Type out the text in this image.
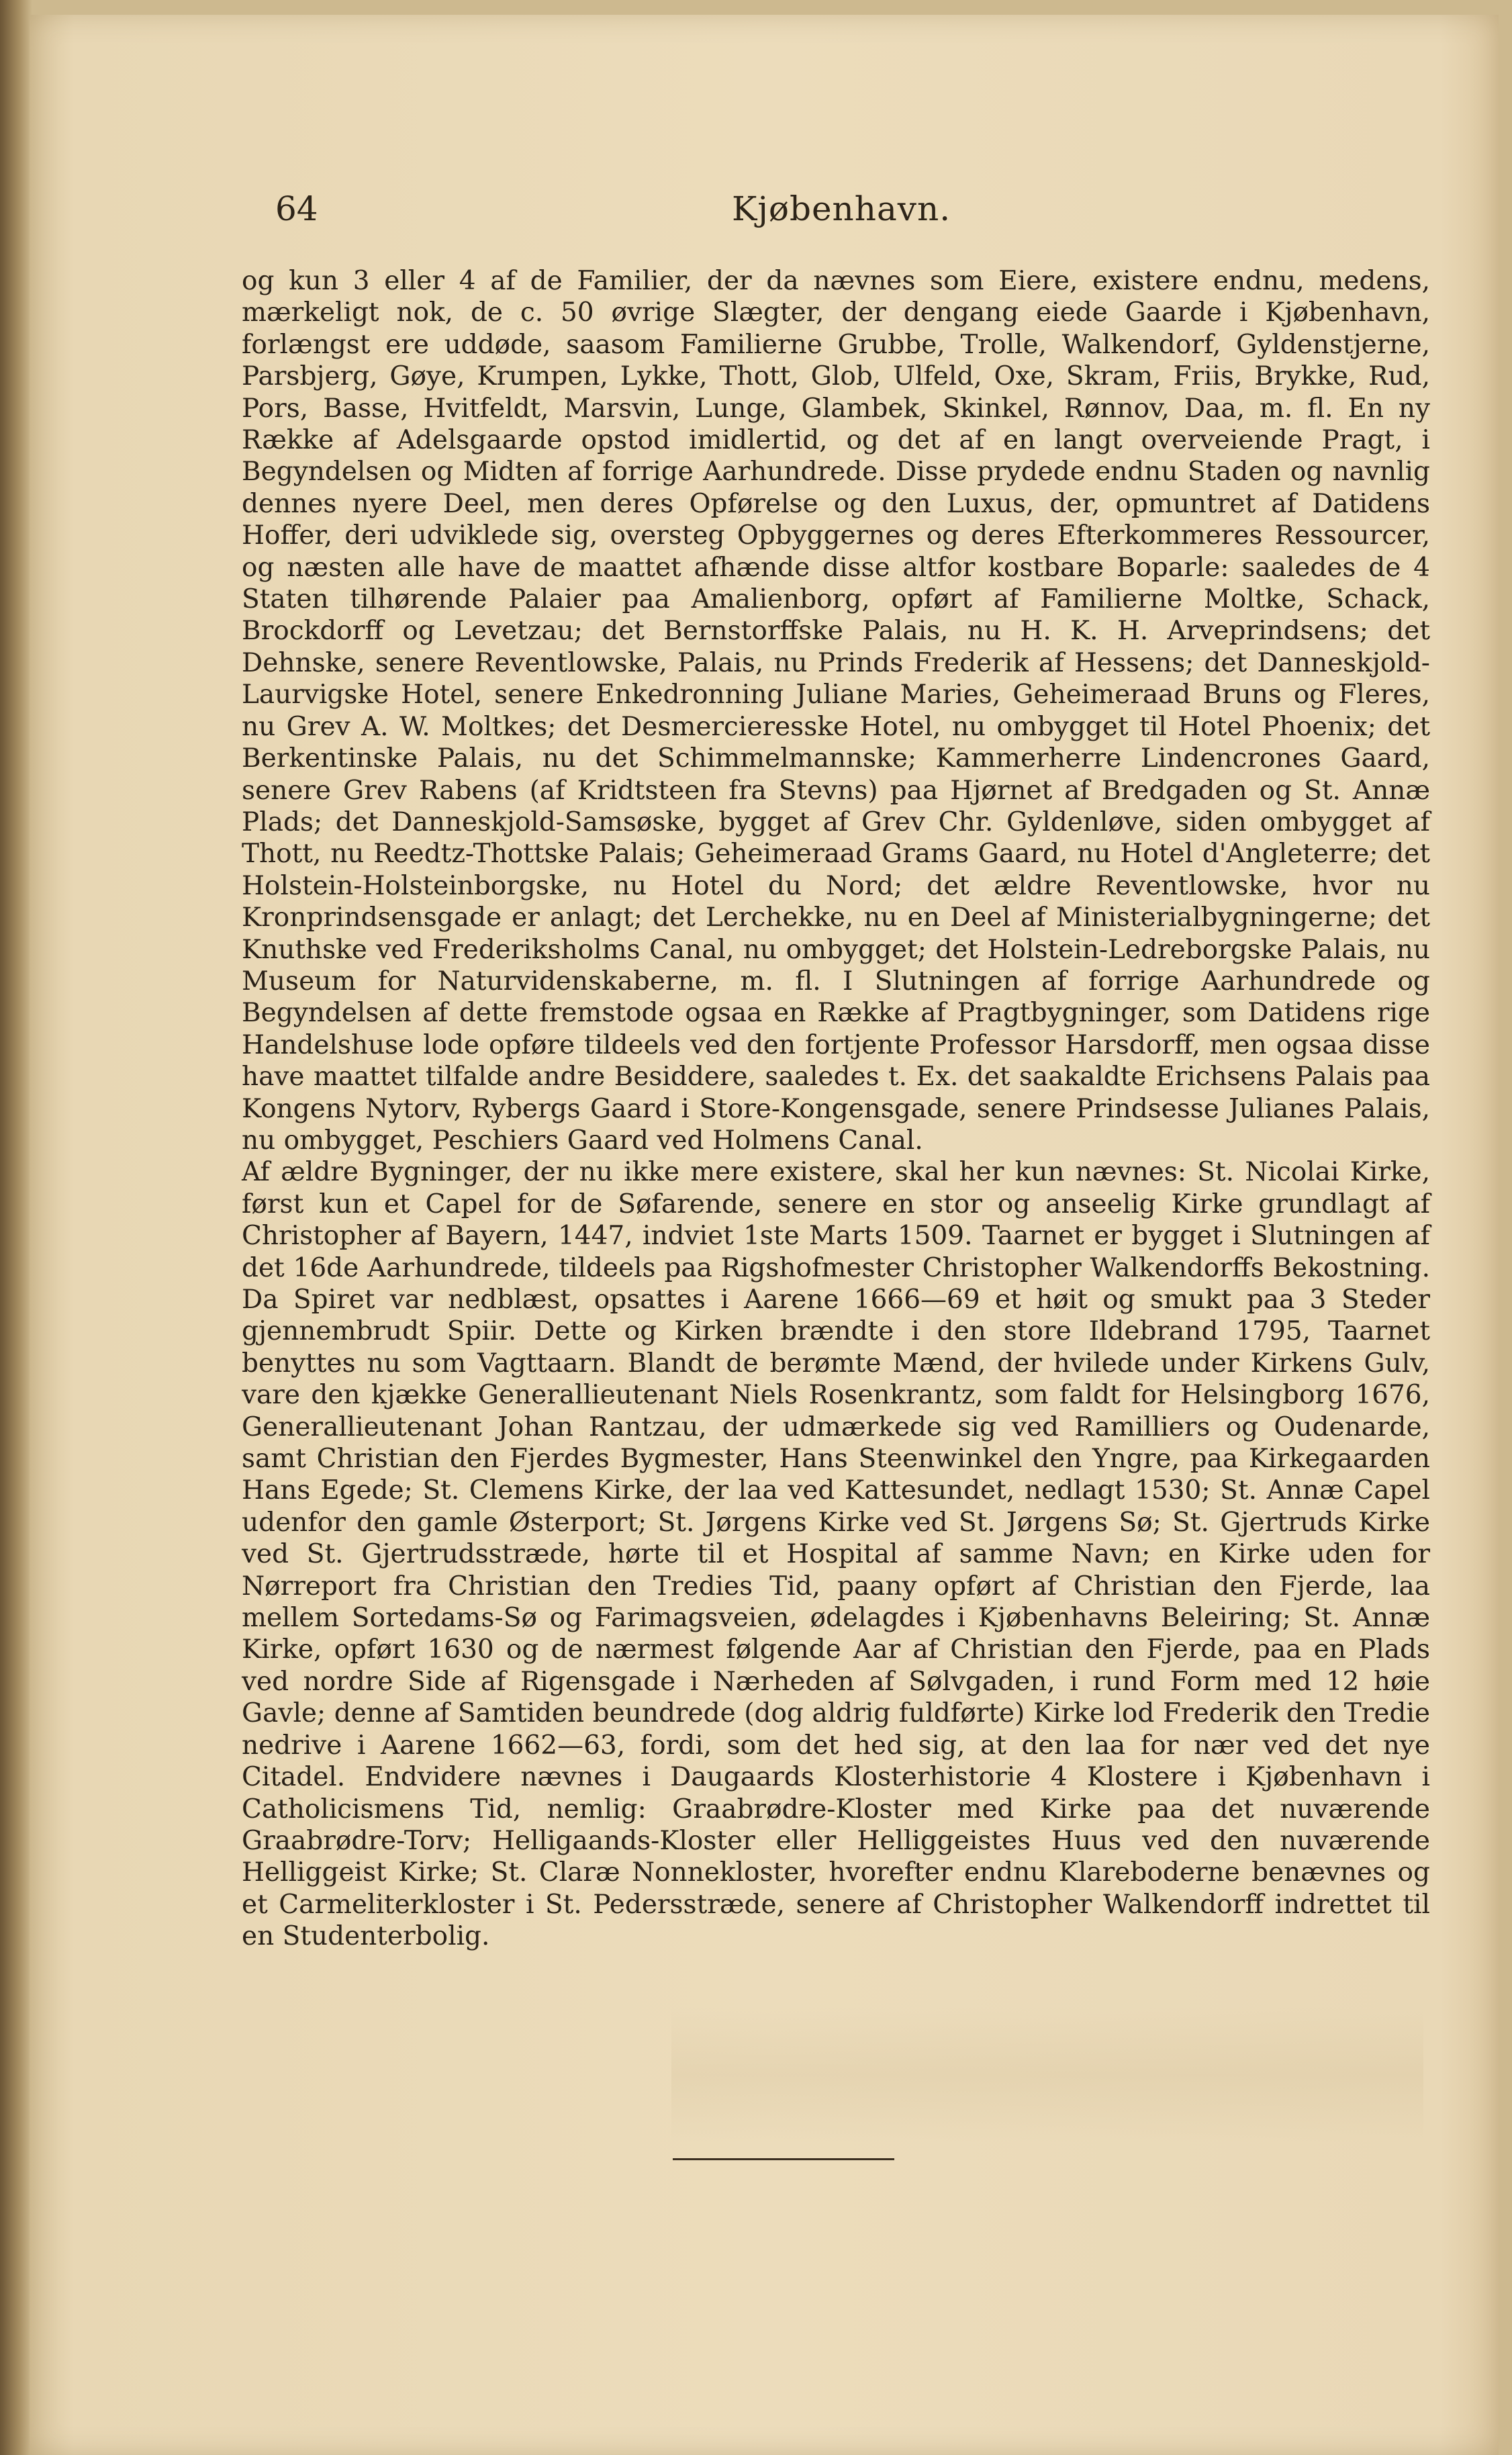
64	Kjøbenhavn.

og kun 3 eller 4 af de Familier, der da nævnes som Eiere, existere endnu, medens, mærkeligt nok, de c. 50 øvrige Slægter, der dengang eiede Gaarde i Kjøbenhavn, forlængst ere uddøde, saasom Familierne Grubbe, Trolle, Walkendorf, Gyldenstjerne, Parsbjerg, Gøye, Krumpen, Lykke, Thott, Glob, Ulfeld, Oxe, Skram, Friis, Brykke, Rud, Pors, Basse, Hvitfeldt, Marsvin, Lunge, Glambek, Skinkel, Rønnov, Daa, m. fl. En ny Række af Adelsgaarde opstod imidlertid, og det af en langt overveiende Pragt, i Begyndelsen og Midten af forrige Aarhundrede. Disse prydede endnu Staden og navnlig dennes nyere Deel, men deres Opførelse og den Luxus, der, opmuntret af Datidens Hoffer, deri udviklede sig, oversteg Opbyggernes og deres Efterkommeres Ressourcer, og næsten alle have de maattet afhænde disse altfor kostbare Boparle: saaledes de 4 Staten tilhørende Palaier paa Amalienborg, opført af Familierne Moltke, Schack, Brockdorff og Levetzau; det Bernstorffske Palais, nu H. K. H. Arveprindsens; det Dehnske, senere Reventlowske, Palais, nu Prinds Frederik af Hessens; det Danneskjold-Laurvigske Hotel, senere Enkedronning Juliane Maries, Geheimeraad Bruns og Fleres, nu Grev A. W. Moltkes; det Desmercieresske Hotel, nu ombygget til Hotel Phoenix; det Berkentinske Palais, nu det Schimmelmannske; Kammerherre Lindencrones Gaard, senere Grev Rabens (af Kridtsteen fra Stevns) paa Hjørnet af Bredgaden og St. Annæ Plads; det Danneskjold-Samsøske, bygget af Grev Chr. Gyldenløve, siden ombygget af Thott, nu Reedtz-Thottske Palais; Geheimeraad Grams Gaard, nu Hotel d'Angleterre; det Holstein-Holsteinborgske, nu Hotel du Nord; det ældre Reventlowske, hvor nu Kronprindsensgade er anlagt; det Lerchekke, nu en Deel af Ministerialbygningerne; det Knuthske ved Frederiksholms Canal, nu ombygget; det Holstein-Ledreborgske Palais, nu Museum for Naturvidenskaberne, m. fl. I Slutningen af forrige Aarhundrede og Begyndelsen af dette fremstode ogsaa en Række af Pragtbygninger, som Datidens rige Handelshuse lode opføre tildeels ved den fortjente Professor Harsdorff, men ogsaa disse have maattet tilfalde andre Besiddere, saaledes t. Ex. det saakaldte Erichsens Palais paa Kongens Nytorv, Rybergs Gaard i Store-Kongensgade, senere Prindsesse Julianes Palais, nu ombygget, Peschiers Gaard ved Holmens Canal.

Af ældre Bygninger, der nu ikke mere existere, skal her kun nævnes: St. Nicolai Kirke, først kun et Capel for de Søfarende, senere en stor og anseelig Kirke grundlagt af Christopher af Bayern, 1447, indviet 1ste Marts 1509. Taarnet er bygget i Slutningen af det 16de Aarhundrede, tildeels paa Rigshofmester Christopher Walkendorffs Bekostning. Da Spiret var nedblæst, opsattes i Aarene 1666—69 et høit og smukt paa 3 Steder gjennembrudt Spiir. Dette og Kirken brændte i den store Ildebrand 1795, Taarnet benyttes nu som Vagttaarn. Blandt de berømte Mænd, der hvilede under Kirkens Gulv, vare den kjække Generallieutenant Niels Rosenkrantz, som faldt for Helsingborg 1676, Generallieutenant Johan Rantzau, der udmærkede sig ved Ramilliers og Oudenarde, samt Christian den Fjerdes Bygmester, Hans Steenwinkel den Yngre, paa Kirkegaarden Hans Egede; St. Clemens Kirke, der laa ved Kattesundet, nedlagt 1530; St. Annæ Capel udenfor den gamle Østerport; St. Jørgens Kirke ved St. Jørgens Sø; St. Gjertruds Kirke ved St. Gjertrudsstræde, hørte til et Hospital af samme Navn; en Kirke uden for Nørreport fra Christian den Tredies Tid, paany opført af Christian den Fjerde, laa mellem Sortedams-Sø og Farimagsveien, ødelagdes i Kjøbenhavns Beleiring; St. Annæ Kirke, opført 1630 og de nærmest følgende Aar af Christian den Fjerde, paa en Plads ved nordre Side af Rigensgade i Nærheden af Sølvgaden, i rund Form med 12 høie Gavle; denne af Samtiden beundrede (dog aldrig fuldførte) Kirke lod Frederik den Tredie nedrive i Aarene 1662—63, fordi, som det hed sig, at den laa for nær ved det nye Citadel. Endvidere nævnes i Daugaards Klosterhistorie 4 Klostere i Kjøbenhavn i Catholicismens Tid, nemlig: Graabrødre-Kloster med Kirke paa det nuværende Graabrødre-Torv; Helligaands-Kloster eller Helliggeistes Huus ved den nuværende Helliggeist Kirke; St. Claræ Nonnekloster, hvorefter endnu Klareboderne benævnes og et Carmeliterkloster i St. Pedersstræde, senere af Christopher Walkendorff indrettet til en Studenterbolig.
